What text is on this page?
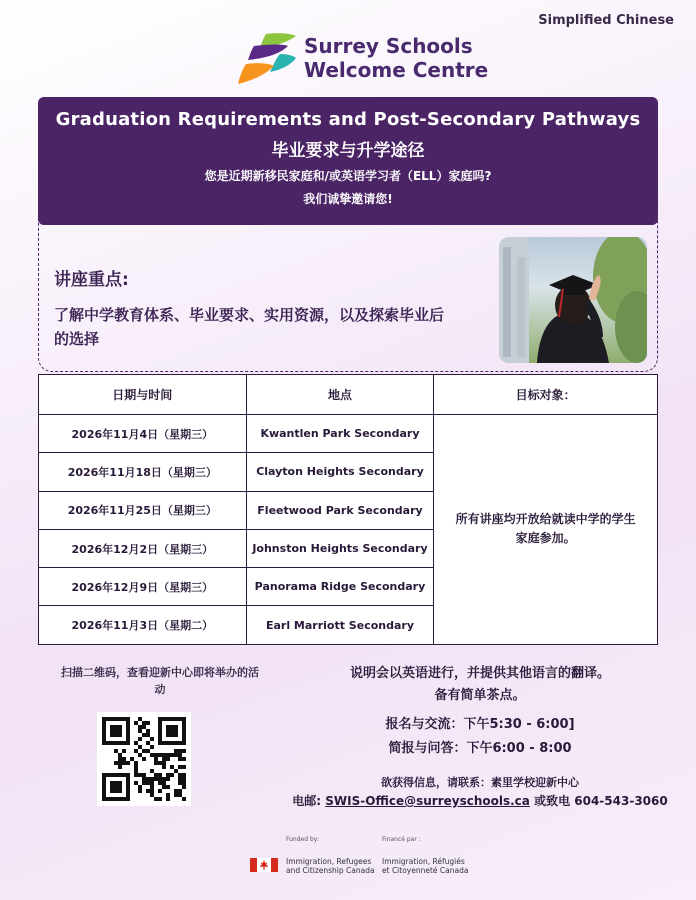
Simplified Chinese
Surrey Schools
Welcome Centre
Graduation Requirements and Post-Secondary Pathways
毕业要求与升学途径
您是近期新移民家庭和/或英语学习者（ELL）家庭吗?
我们诚挚邀请您!
讲座重点:
了解中学教育体系、毕业要求、实用资源，以及探索毕业后的选择
日期与时间	地点	目标对象：
2026年11月4日（星期三）	Kwantlen Park Secondary	所有讲座均开放给就读中学的学生家庭参加。
2026年11月18日（星期三）	Clayton Heights Secondary	
2026年11月25日（星期三）	Fleetwood Park Secondary	
2026年12月2日（星期三）	Johnston Heights Secondary	
2026年12月9日（星期三）	Panorama Ridge Secondary	
2026年11月3日（星期二）	Earl Marriott Secondary	
扫描二维码，查看迎新中心即将举办的活动
说明会以英语进行，并提供其他语言的翻译。
备有简单茶点。
报名与交流：下午5:30 - 6:00]
简报与问答：下午6:00 - 8:00
欲获得信息，请联系：素里学校迎新中心
电邮: SWIS-Office@surreyschools.ca 或致电 604-543-3060
Funded by:
Immigration, Refugees
and Citizenship Canada
Financé par :
Immigration, Réfugiés
et Citoyenneté Canada
